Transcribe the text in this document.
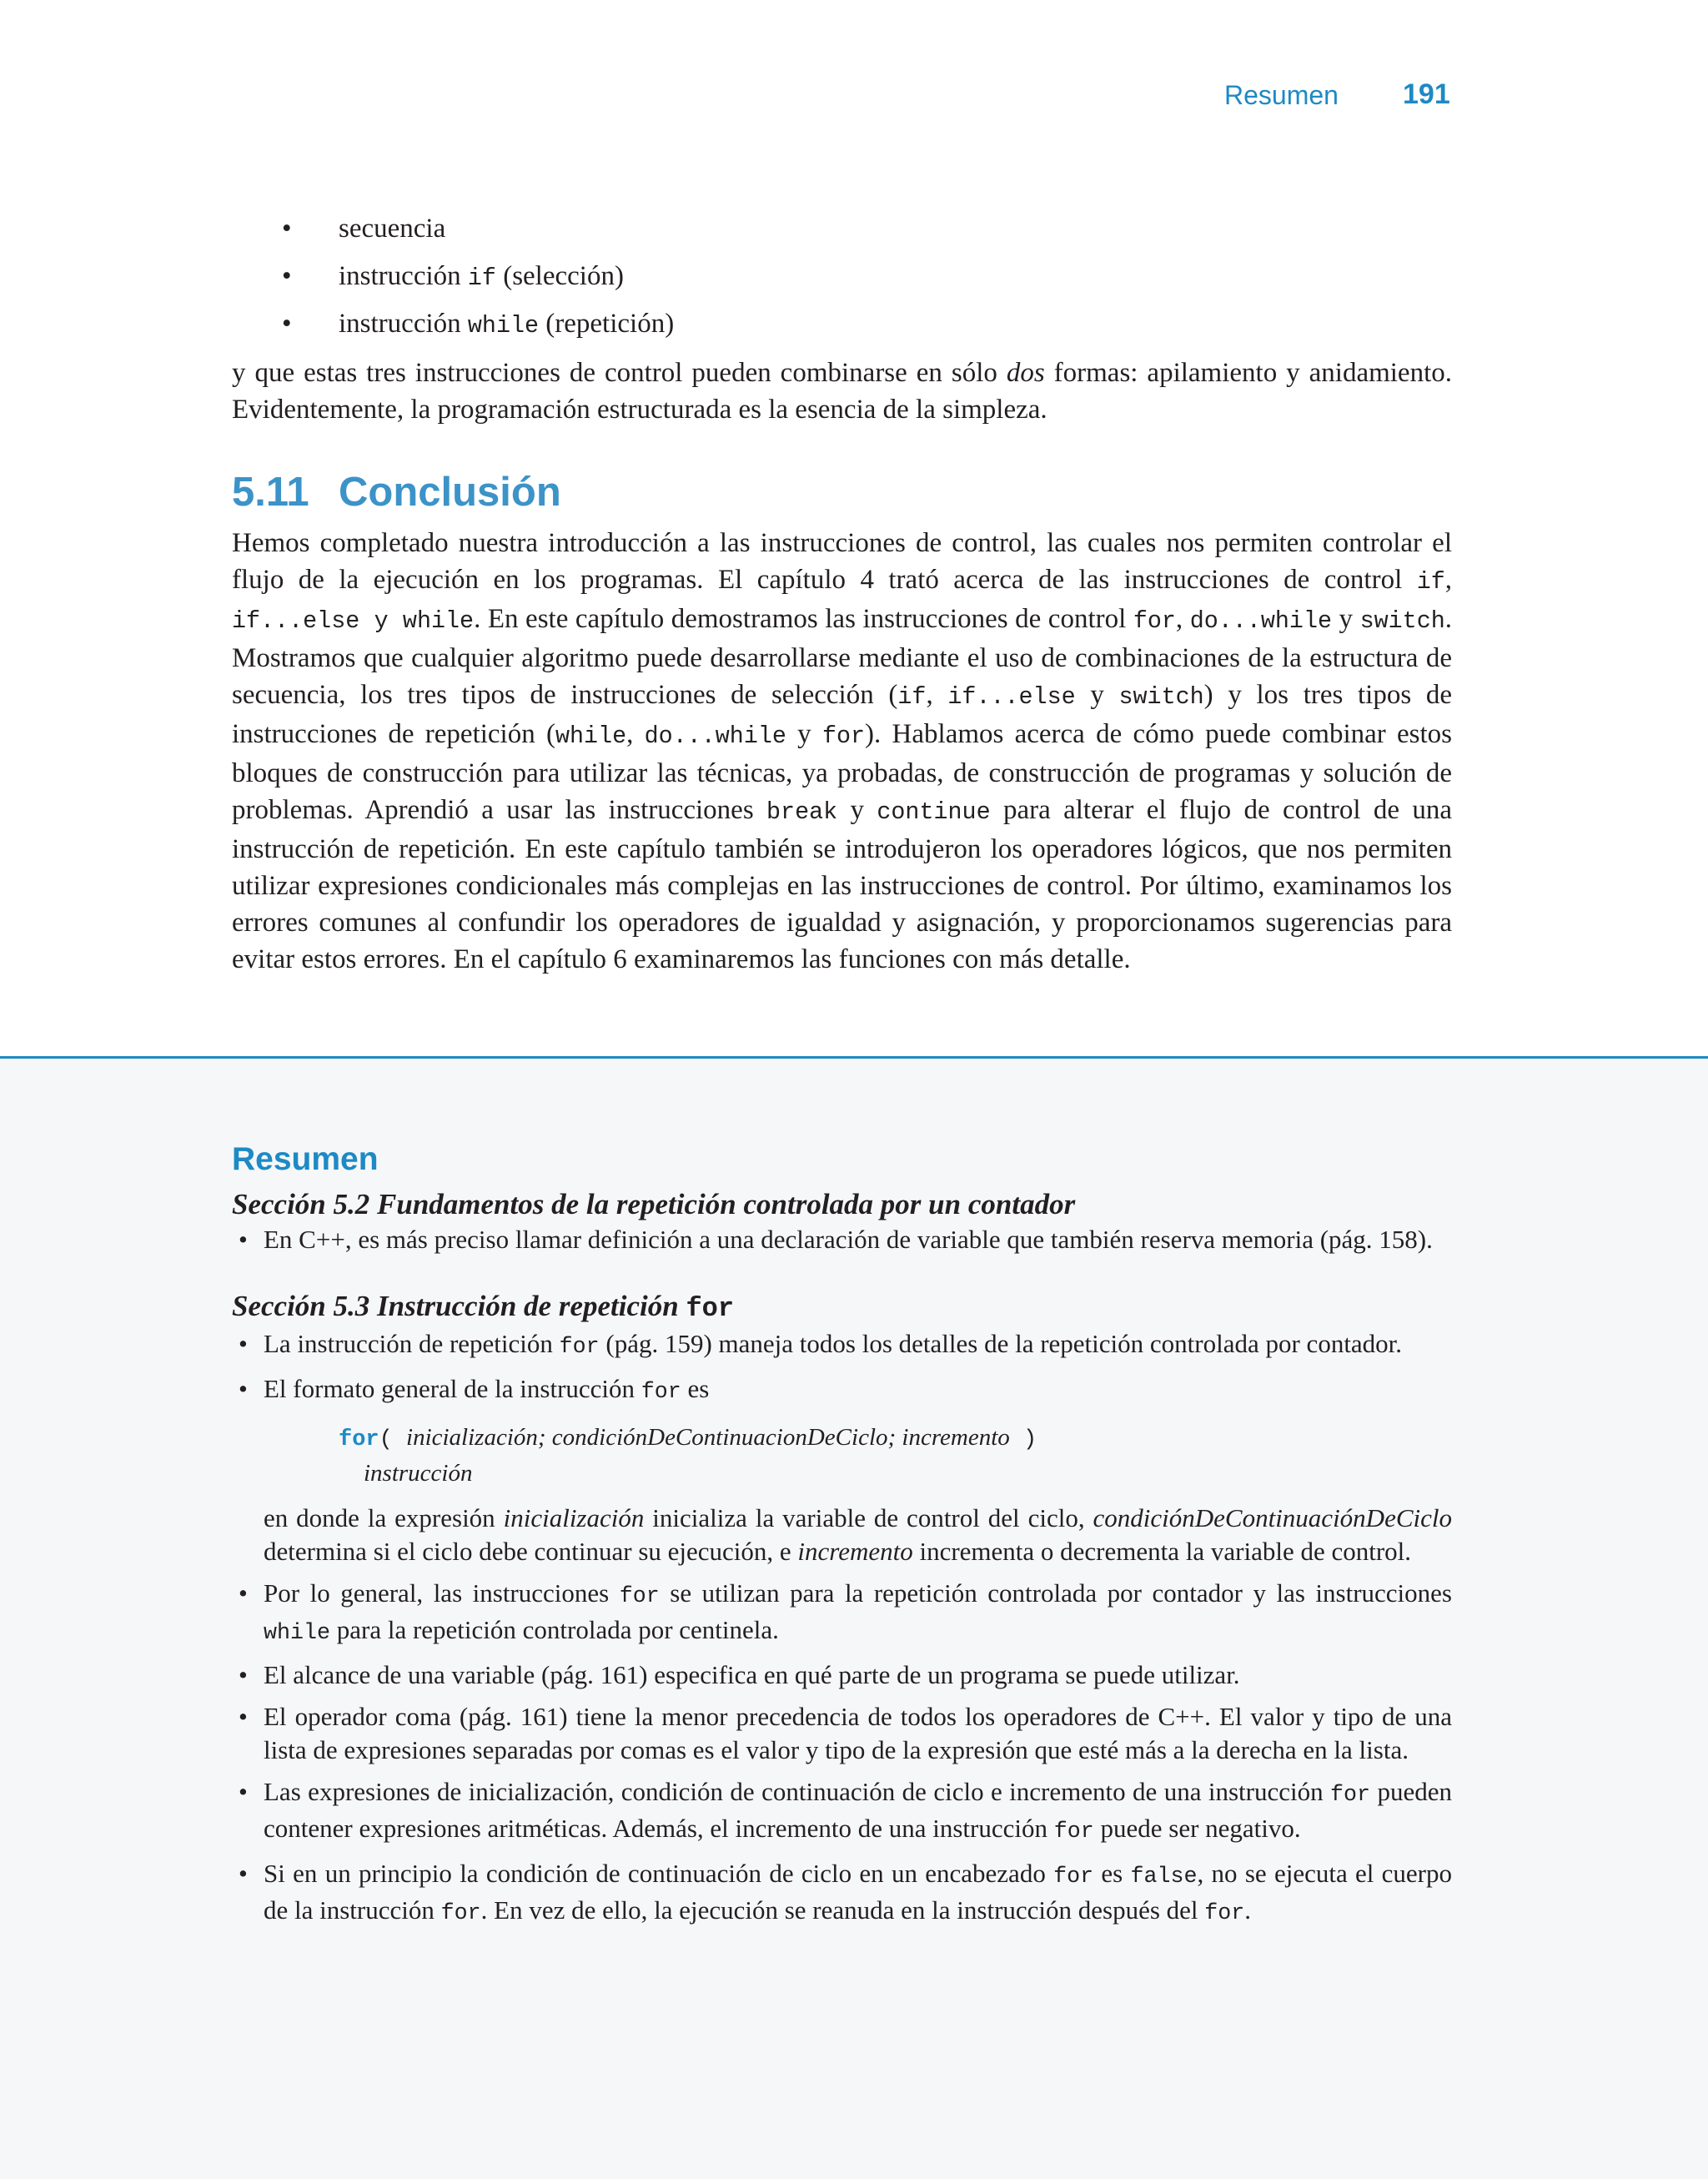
Resumen 191
• secuencia
• instrucción if (selección)
• instrucción while (repetición)

y que estas tres instrucciones de control pueden combinarse en sólo dos formas: apilamiento y anidamiento. Evidentemente, la programación estructurada es la esencia de la simpleza.

5.11 Conclusión

Hemos completado nuestra introducción a las instrucciones de control, las cuales nos permiten controlar el flujo de la ejecución en los programas. El capítulo 4 trató acerca de las instrucciones de control if, if...else y while. En este capítulo demostramos las instrucciones de control for, do...while y switch. Mostramos que cualquier algoritmo puede desarrollarse mediante el uso de combinaciones de la estructura de secuencia, los tres tipos de instrucciones de selección (if, if...else y switch) y los tres tipos de instrucciones de repetición (while, do...while y for). Hablamos acerca de cómo puede combinar estos bloques de construcción para utilizar las técnicas, ya probadas, de construcción de programas y solución de problemas. Aprendió a usar las instrucciones break y continue para alterar el flujo de control de una instrucción de repetición. En este capítulo también se introdujeron los operadores lógicos, que nos permiten utilizar expresiones condicionales más complejas en las instrucciones de control. Por último, examinamos los errores comunes al confundir los operadores de igualdad y asignación, y proporcionamos sugerencias para evitar estos errores. En el capítulo 6 examinaremos las funciones con más detalle.

Resumen
Sección 5.2 Fundamentos de la repetición controlada por un contador
• En C++, es más preciso llamar definición a una declaración de variable que también reserva memoria (pág. 158).
Sección 5.3 Instrucción de repetición for
• La instrucción de repetición for (pág. 159) maneja todos los detalles de la repetición controlada por contador.
• El formato general de la instrucción for es
for( inicialización; condiciónDeContinuacionDeCiclo; incremento )
instrucción
en donde la expresión inicialización inicializa la variable de control del ciclo, condiciónDeContinuaciónDeCiclo determina si el ciclo debe continuar su ejecución, e incremento incrementa o decrementa la variable de control.
• Por lo general, las instrucciones for se utilizan para la repetición controlada por contador y las instrucciones while para la repetición controlada por centinela.
• El alcance de una variable (pág. 161) especifica en qué parte de un programa se puede utilizar.
• El operador coma (pág. 161) tiene la menor precedencia de todos los operadores de C++. El valor y tipo de una lista de expresiones separadas por comas es el valor y tipo de la expresión que esté más a la derecha en la lista.
• Las expresiones de inicialización, condición de continuación de ciclo e incremento de una instrucción for pueden contener expresiones aritméticas. Además, el incremento de una instrucción for puede ser negativo.
• Si en un principio la condición de continuación de ciclo en un encabezado for es false, no se ejecuta el cuerpo de la instrucción for. En vez de ello, la ejecución se reanuda en la instrucción después del for.
